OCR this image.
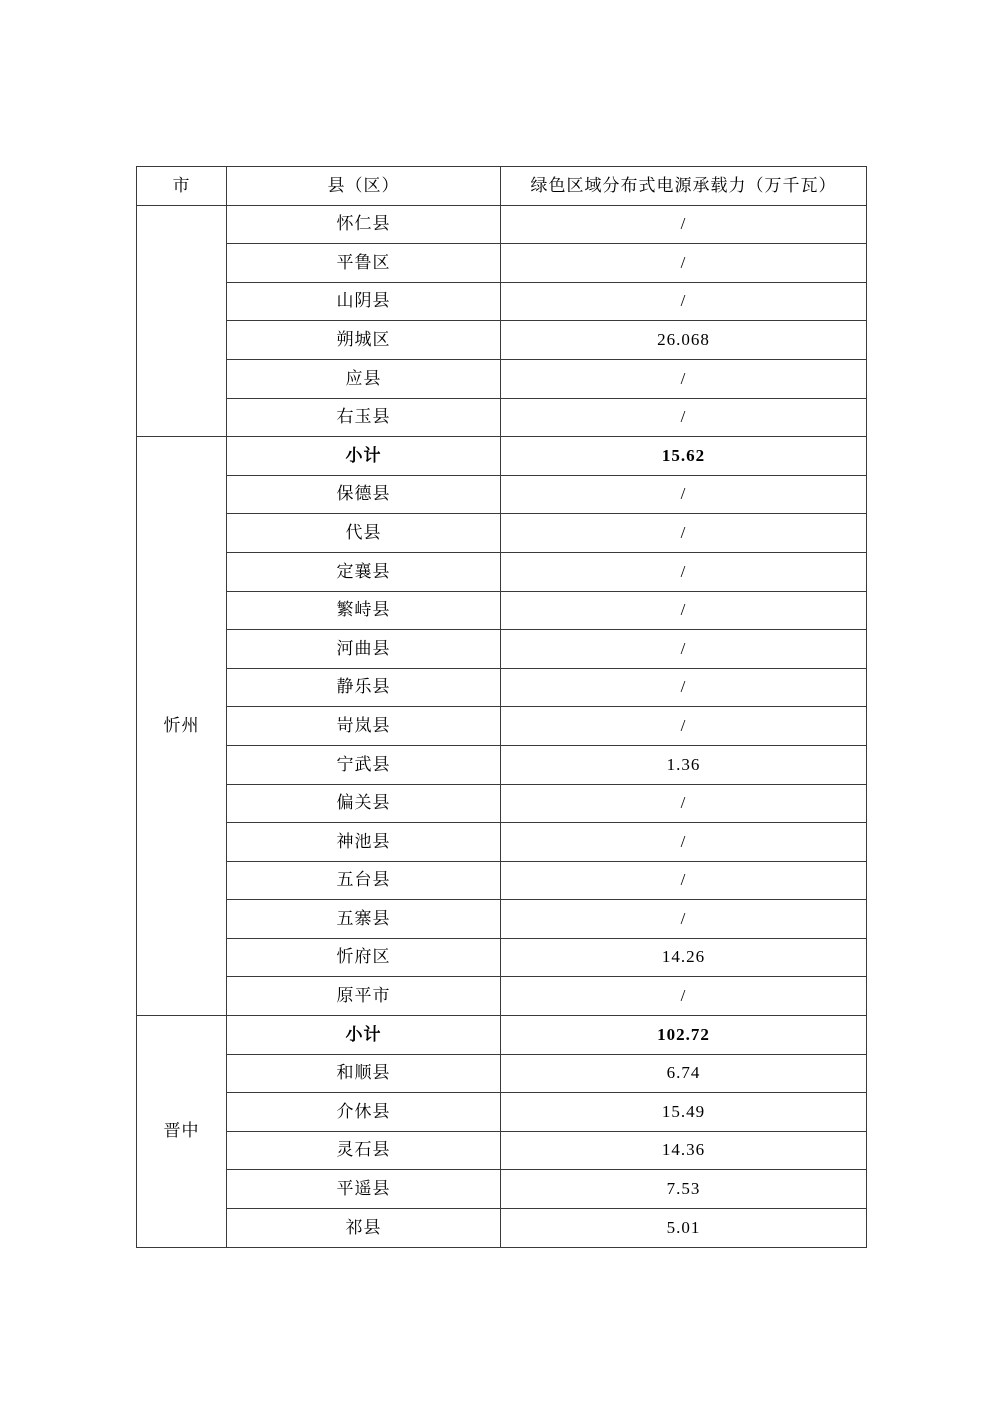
市	县（区）	绿色区域分布式电源承载力（万千瓦）
	怀仁县	/
	平鲁区	/
	山阴县	/
	朔城区	26.068
	应县	/
	右玉县	/
忻州	小计	15.62
	保德县	/
	代县	/
	定襄县	/
	繁峙县	/
	河曲县	/
	静乐县	/
	岢岚县	/
	宁武县	1.36
	偏关县	/
	神池县	/
	五台县	/
	五寨县	/
	忻府区	14.26
	原平市	/
晋中	小计	102.72
	和顺县	6.74
	介休县	15.49
	灵石县	14.36
	平遥县	7.53
	祁县	5.01
